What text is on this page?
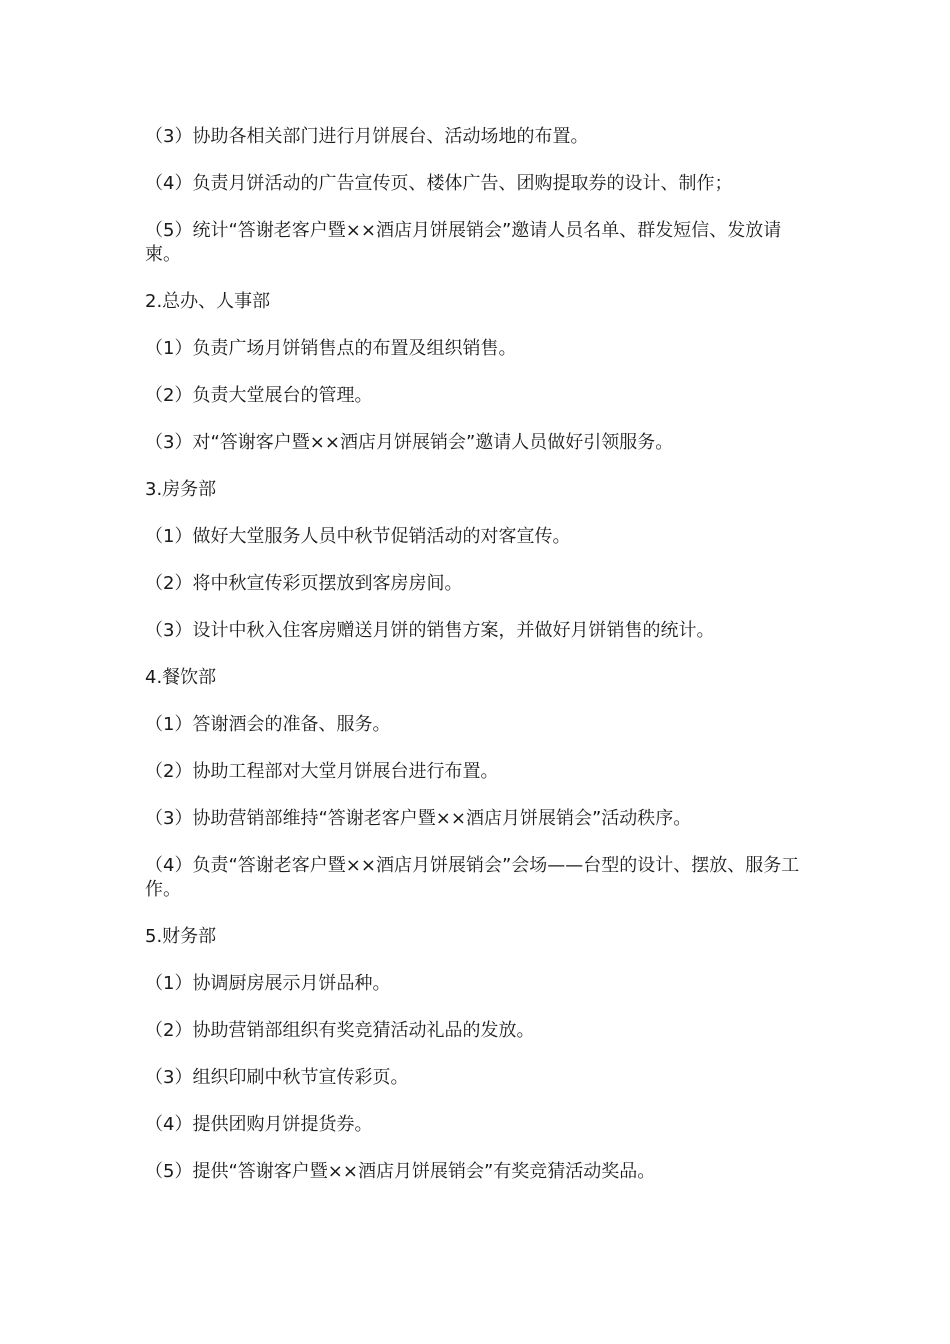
（3）协助各相关部门进行月饼展台、活动场地的布置。

（4）负责月饼活动的广告宣传页、楼体广告、团购提取券的设计、制作；

（5）统计“答谢老客户暨××酒店月饼展销会”邀请人员名单、群发短信、发放请柬。

2.总办、人事部

（1）负责广场月饼销售点的布置及组织销售。

（2）负责大堂展台的管理。

（3）对“答谢客户暨××酒店月饼展销会”邀请人员做好引领服务。

3.房务部

（1）做好大堂服务人员中秋节促销活动的对客宣传。

（2）将中秋宣传彩页摆放到客房房间。

（3）设计中秋入住客房赠送月饼的销售方案，并做好月饼销售的统计。

4.餐饮部

（1）答谢酒会的准备、服务。

（2）协助工程部对大堂月饼展台进行布置。

（3）协助营销部维持“答谢老客户暨××酒店月饼展销会”活动秩序。

（4）负责“答谢老客户暨××酒店月饼展销会”会场——台型的设计、摆放、服务工作。

5.财务部

（1）协调厨房展示月饼品种。

（2）协助营销部组织有奖竞猜活动礼品的发放。

（3）组织印刷中秋节宣传彩页。

（4）提供团购月饼提货券。

（5）提供“答谢客户暨××酒店月饼展销会”有奖竞猜活动奖品。
